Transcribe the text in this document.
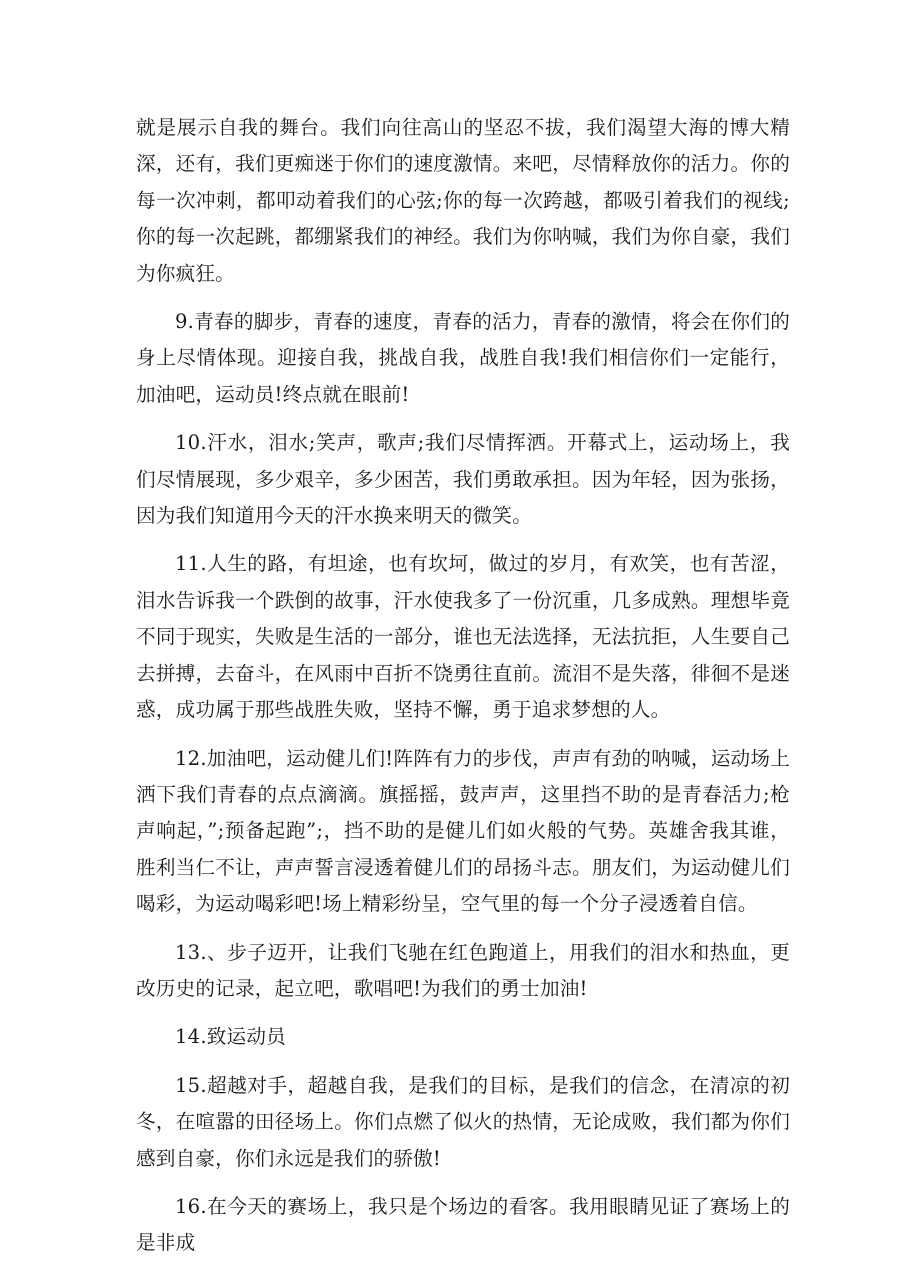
就是展示自我的舞台。我们向往高山的坚忍不拔，我们渴望大海的博大精深，还有，我们更痴迷于你们的速度激情。来吧，尽情释放你的活力。你的每一次冲刺，都叩动着我们的心弦;你的每一次跨越，都吸引着我们的视线;你的每一次起跳，都绷紧我们的神经。我们为你呐喊，我们为你自豪，我们为你疯狂。

9.青春的脚步，青春的速度，青春的活力，青春的激情，将会在你们的身上尽情体现。迎接自我，挑战自我，战胜自我!我们相信你们一定能行，加油吧，运动员!终点就在眼前!

10.汗水，泪水;笑声，歌声;我们尽情挥洒。开幕式上，运动场上，我们尽情展现，多少艰辛，多少困苦，我们勇敢承担。因为年轻，因为张扬，因为我们知道用今天的汗水换来明天的微笑。

11.人生的路，有坦途，也有坎坷，做过的岁月，有欢笑，也有苦涩，泪水告诉我一个跌倒的故事，汗水使我多了一份沉重，几多成熟。理想毕竟不同于现实，失败是生活的一部分，谁也无法选择，无法抗拒，人生要自己去拼搏，去奋斗，在风雨中百折不饶勇往直前。流泪不是失落，徘徊不是迷惑，成功属于那些战胜失败，坚持不懈，勇于追求梦想的人。

12.加油吧，运动健儿们!阵阵有力的步伐，声声有劲的呐喊，运动场上洒下我们青春的点点滴滴。旗摇摇，鼓声声，这里挡不助的是青春活力;枪声响起，”;预备起跑”;，挡不助的是健儿们如火般的气势。英雄舍我其谁，胜利当仁不让，声声誓言浸透着健儿们的昂扬斗志。朋友们，为运动健儿们喝彩，为运动喝彩吧!场上精彩纷呈，空气里的每一个分子浸透着自信。

13.、步子迈开，让我们飞驰在红色跑道上，用我们的泪水和热血，更改历史的记录，起立吧，歌唱吧!为我们的勇士加油!

14.致运动员

15.超越对手，超越自我，是我们的目标，是我们的信念，在清凉的初冬，在喧嚣的田径场上。你们点燃了似火的热情，无论成败，我们都为你们感到自豪，你们永远是我们的骄傲!

16.在今天的赛场上，我只是个场边的看客。我用眼睛见证了赛场上的是非成
